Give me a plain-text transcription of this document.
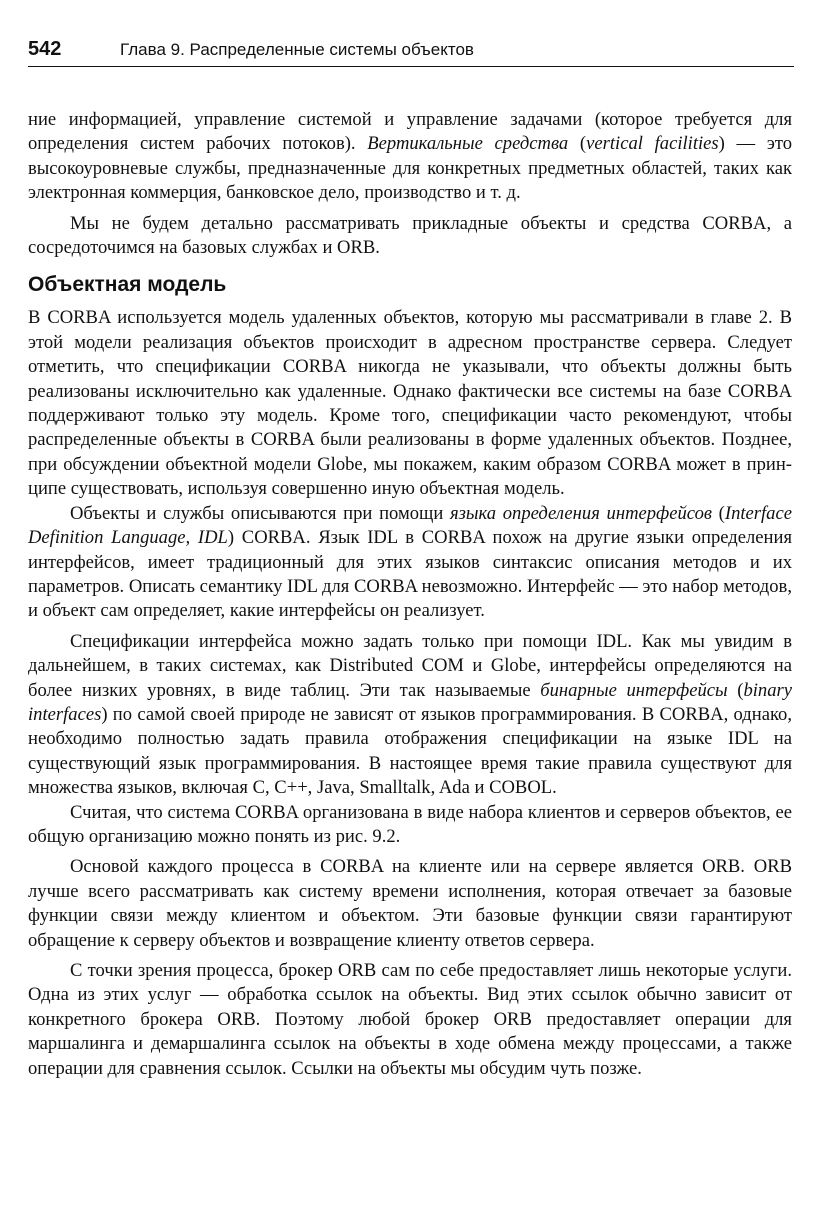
542	Глава 9. Распределенные системы объектов

ние информацией, управление системой и управление задачами (которое требуется для определения систем рабочих потоков). Вертикальные средства (vertical facilities) — это высокоуровневые службы, предназначенные для конкретных предметных областей, таких как электронная коммерция, банковское дело, производство и т. д.

Мы не будем детально рассматривать прикладные объекты и средства CORBA, а сосредоточимся на базовых службах и ORB.

Объектная модель

В CORBA используется модель удаленных объектов, которую мы рассматривали в главе 2. В этой модели реализация объектов происходит в адресном пространстве сервера. Следует отметить, что спецификации CORBA никогда не указывали, что объекты должны быть реализованы исключительно как удаленные. Однако фактически все системы на базе CORBA поддерживают только эту модель. Кроме того, спецификации часто рекомендуют, чтобы распределенные объекты в CORBA были реализованы в форме удаленных объектов. Позднее, при обсуждении объектной модели Globe, мы покажем, каким образом CORBA может в принципе существовать, используя совершенно иную объектная модель.

Объекты и службы описываются при помощи языка определения интерфейсов (Interface Definition Language, IDL) CORBA. Язык IDL в CORBA похож на другие языки определения интерфейсов, имеет традиционный для этих языков синтаксис описания методов и их параметров. Описать семантику IDL для CORBA невозможно. Интерфейс — это набор методов, и объект сам определяет, какие интерфейсы он реализует.

Спецификации интерфейса можно задать только при помощи IDL. Как мы увидим в дальнейшем, в таких системах, как Distributed COM и Globe, интерфейсы определяются на более низких уровнях, в виде таблиц. Эти так называемые бинарные интерфейсы (binary interfaces) по самой своей природе не зависят от языков программирования. В CORBA, однако, необходимо полностью задать правила отображения спецификации на языке IDL на существующий язык программирования. В настоящее время такие правила существуют для множества языков, включая C, C++, Java, Smalltalk, Ada и COBOL.

Считая, что система CORBA организована в виде набора клиентов и серверов объектов, ее общую организацию можно понять из рис. 9.2.

Основой каждого процесса в CORBA на клиенте или на сервере является ORB. ORB лучше всего рассматривать как систему времени исполнения, которая отвечает за базовые функции связи между клиентом и объектом. Эти базовые функции связи гарантируют обращение к серверу объектов и возвращение клиенту ответов сервера.

С точки зрения процесса, брокер ORB сам по себе предоставляет лишь некоторые услуги. Одна из этих услуг — обработка ссылок на объекты. Вид этих ссылок обычно зависит от конкретного брокера ORB. Поэтому любой брокер ORB предоставляет операции для маршалинга и демаршалинга ссылок на объекты в ходе обмена между процессами, а также операции для сравнения ссылок. Ссылки на объекты мы обсудим чуть позже.
